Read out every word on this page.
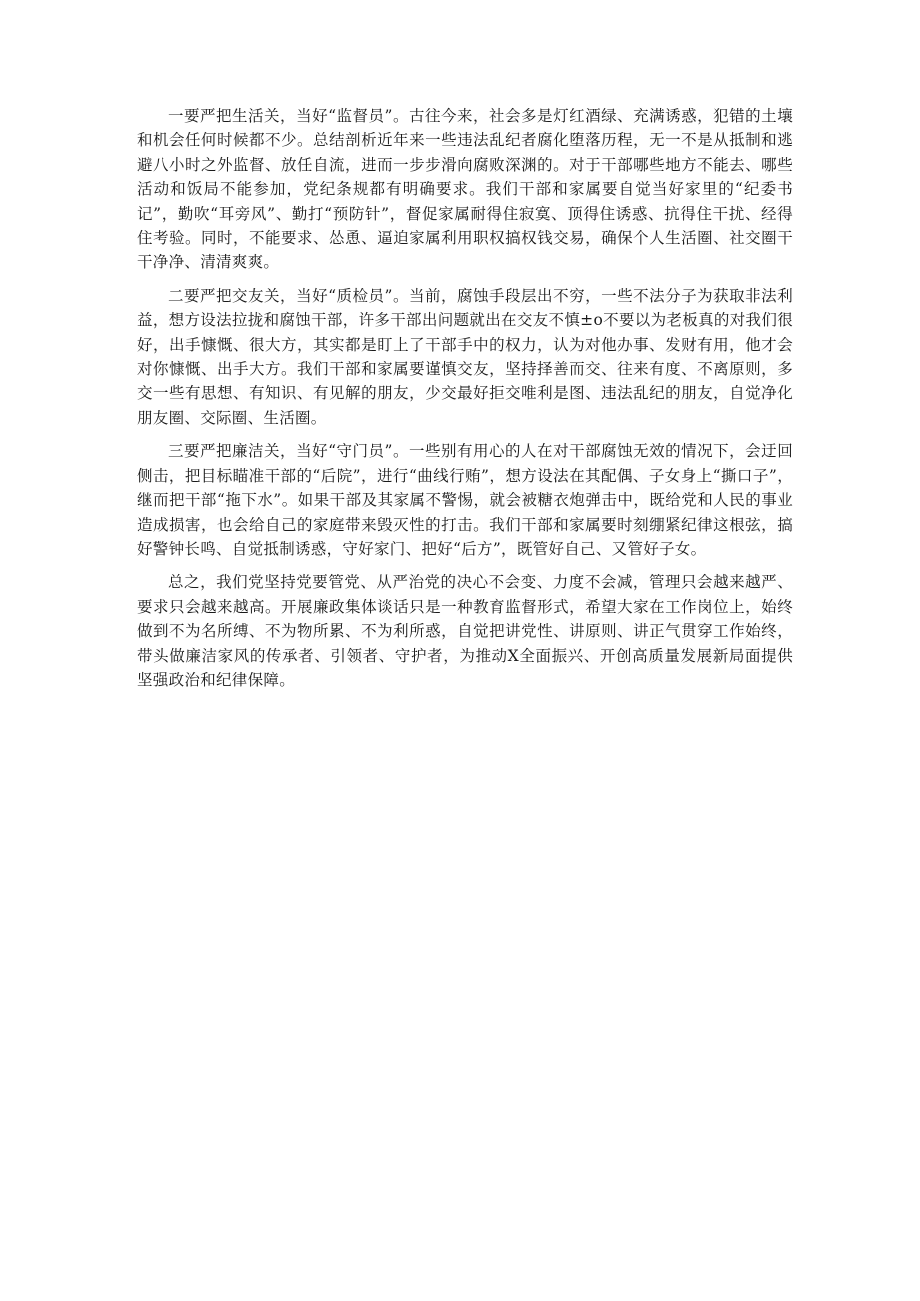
一要严把生活关，当好“监督员”。古往今来，社会多是灯红酒绿、充满诱惑，犯错的土壤和机会任何时候都不少。总结剖析近年来一些违法乱纪者腐化堕落历程，无一不是从抵制和逃避八小时之外监督、放任自流，进而一步步滑向腐败深渊的。对于干部哪些地方不能去、哪些活动和饭局不能参加，党纪条规都有明确要求。我们干部和家属要自觉当好家里的“纪委书记”，勤吹“耳旁风”、勤打“预防针”，督促家属耐得住寂寞、顶得住诱惑、抗得住干扰、经得住考验。同时，不能要求、怂恿、逼迫家属利用职权搞权钱交易，确保个人生活圈、社交圈干干净净、清清爽爽。

二要严把交友关，当好“质检员”。当前，腐蚀手段层出不穷，一些不法分子为获取非法利益，想方设法拉拢和腐蚀干部，许多干部出问题就出在交友不慎±o不要以为老板真的对我们很好，出手慷慨、很大方，其实都是盯上了干部手中的权力，认为对他办事、发财有用，他才会对你慷慨、出手大方。我们干部和家属要谨慎交友，坚持择善而交、往来有度、不离原则，多交一些有思想、有知识、有见解的朋友，少交最好拒交唯利是图、违法乱纪的朋友，自觉净化朋友圈、交际圈、生活圈。

三要严把廉洁关，当好“守门员”。一些别有用心的人在对干部腐蚀无效的情况下，会迂回侧击，把目标瞄准干部的“后院”，进行“曲线行贿”，想方设法在其配偶、子女身上“撕口子”，继而把干部“拖下水”。如果干部及其家属不警惕，就会被糖衣炮弹击中，既给党和人民的事业造成损害，也会给自己的家庭带来毁灭性的打击。我们干部和家属要时刻绷紧纪律这根弦，搞好警钟长鸣、自觉抵制诱惑，守好家门、把好“后方”，既管好自己、又管好子女。

总之，我们党坚持党要管党、从严治党的决心不会变、力度不会减，管理只会越来越严、要求只会越来越高。开展廉政集体谈话只是一种教育监督形式，希望大家在工作岗位上，始终做到不为名所缚、不为物所累、不为利所惑，自觉把讲党性、讲原则、讲正气贯穿工作始终，带头做廉洁家风的传承者、引领者、守护者，为推动X全面振兴、开创高质量发展新局面提供坚强政治和纪律保障。
